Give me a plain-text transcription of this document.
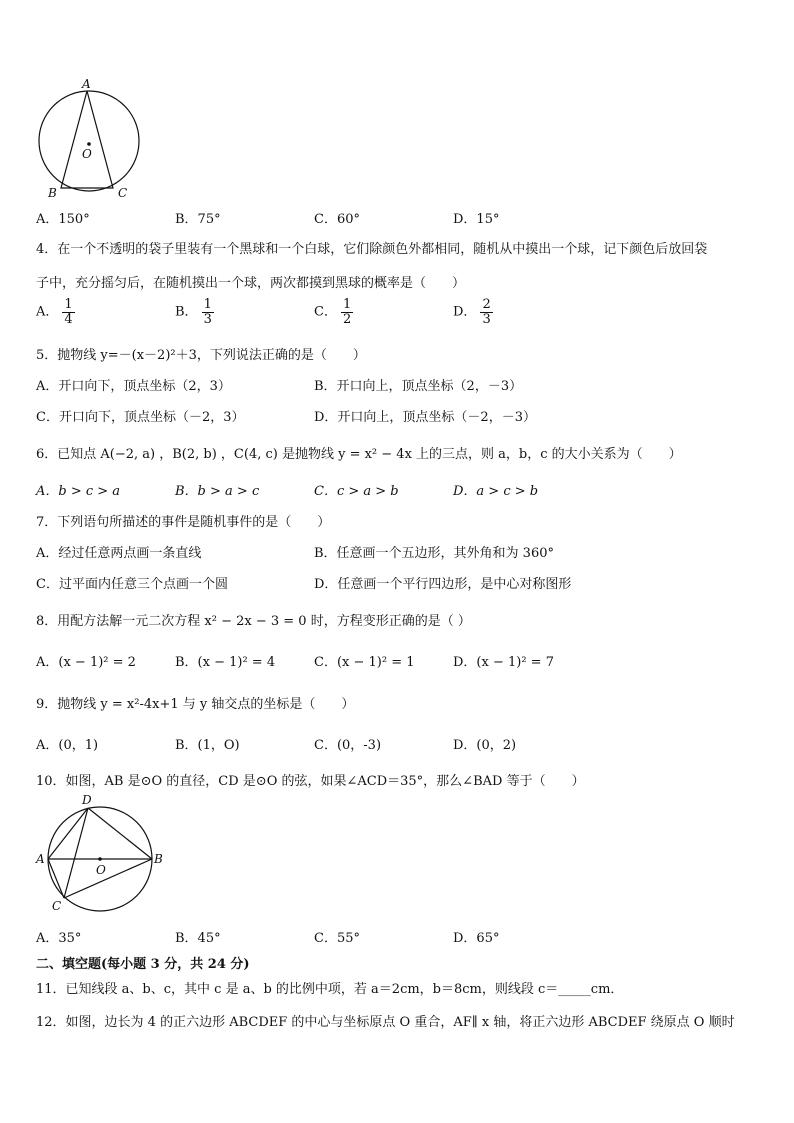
A
O
B	C
A．150°	B．75°	C．60°	D．15°
4．在一个不透明的袋子里装有一个黑球和一个白球，它们除颜色外都相同，随机从中摸出一个球，记下颜色后放回袋
子中，充分摇匀后，在随机摸出一个球，两次都摸到黑球的概率是（　　）
A． $\frac{1}{4}$	B． $\frac{1}{3}$	C． $\frac{1}{2}$	D． $\frac{2}{3}$
5．抛物线 y=－(x－2)²＋3，下列说法正确的是（　　）
A．开口向下，顶点坐标（2，3）	B．开口向上，顶点坐标（2，－3）
C．开口向下，顶点坐标（－2，3）	D．开口向上，顶点坐标（－2，－3）
6．已知点 A(−2, a) ，B(2, b) ，C(4, c) 是抛物线 y = x² − 4x 上的三点，则 a，b，c 的大小关系为（　　）
A．b > c > a	B．b > a > c	C．c > a > b	D．a > c > b
7．下列语句所描述的事件是随机事件的是（　　）
A．经过任意两点画一条直线	B．任意画一个五边形，其外角和为 360°
C．过平面内任意三个点画一个圆	D．任意画一个平行四边形，是中心对称图形
8．用配方法解一元二次方程 x² − 2x − 3 = 0 时，方程变形正确的是（ ）
A．(x − 1)² = 2	B．(x − 1)² = 4	C．(x − 1)² = 1	D．(x − 1)² = 7
9．抛物线 y = x²-4x+1 与 y 轴交点的坐标是（　　）
A．(0，1)	B．(1，O)	C．(0，-3)	D．(0，2)
10．如图，AB 是⊙O 的直径，CD 是⊙O 的弦，如果∠ACD＝35°，那么∠BAD 等于（　　）
D
A
O
B
C
A．35°	B．45°	C．55°	D．65°
二、填空题(每小题 3 分，共 24 分)
11．已知线段 a、b、c，其中 c 是 a、b 的比例中项，若 a＝2cm，b＝8cm，则线段 c＝_____cm．
12．如图，边长为 4 的正六边形 ABCDEF 的中心与坐标原点 O 重合，AF∥ x 轴，将正六边形 ABCDEF 绕原点 O 顺时
